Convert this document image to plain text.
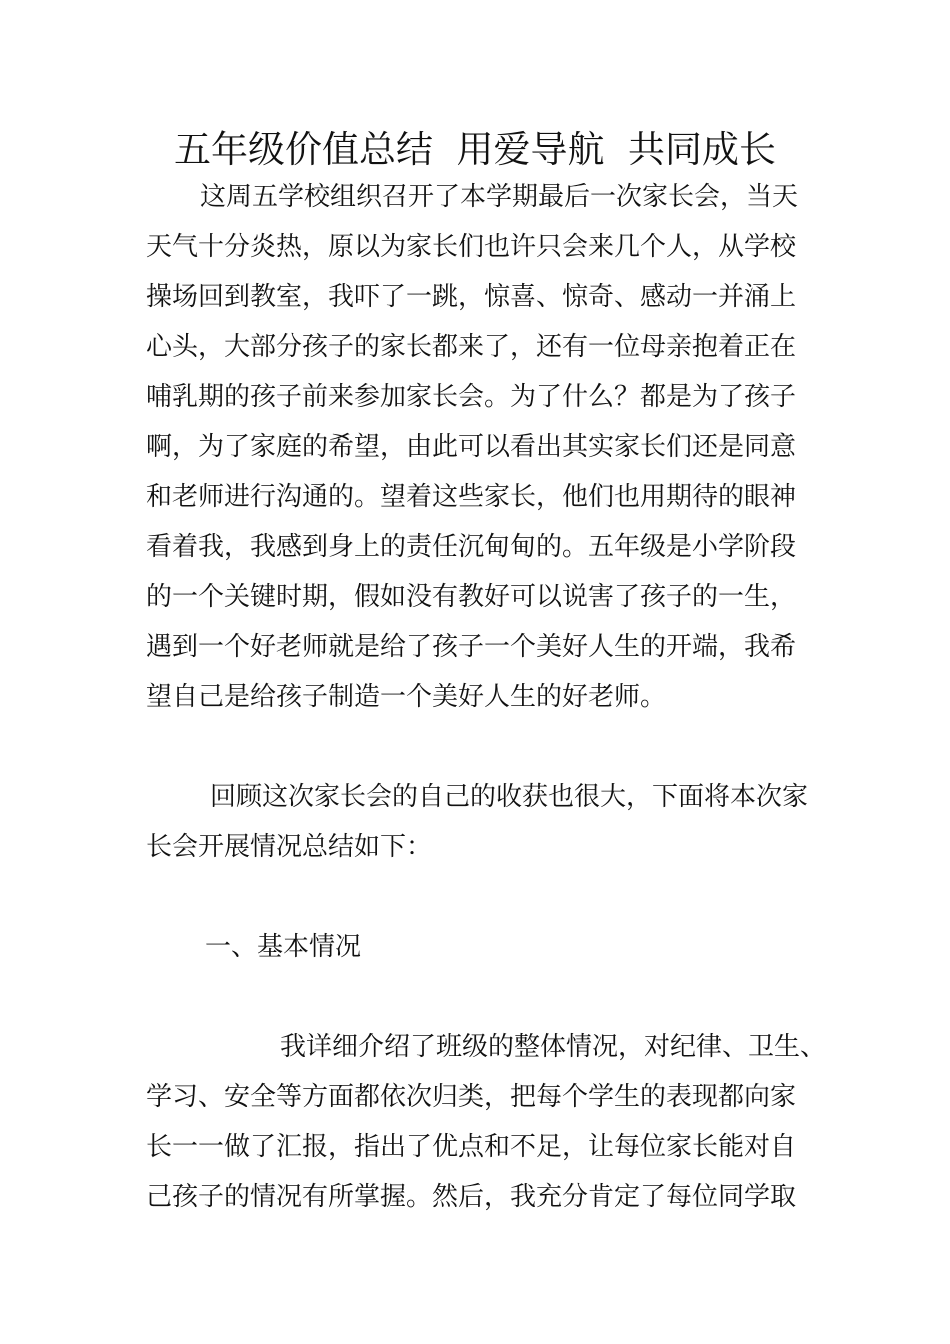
五年级价值总结  用爱导航  共同成长

这周五学校组织召开了本学期最后一次家长会，当天

天气十分炎热，原以为家长们也许只会来几个人，从学校

操场回到教室，我吓了一跳，惊喜、惊奇、感动一并涌上

心头，大部分孩子的家长都来了，还有一位母亲抱着正在

哺乳期的孩子前来参加家长会。为了什么？都是为了孩子

啊，为了家庭的希望，由此可以看出其实家长们还是同意

和老师进行沟通的。望着这些家长，他们也用期待的眼神

看着我，我感到身上的责任沉甸甸的。五年级是小学阶段

的一个关键时期，假如没有教好可以说害了孩子的一生，

遇到一个好老师就是给了孩子一个美好人生的开端，我希

望自己是给孩子制造一个美好人生的好老师。

回顾这次家长会的自己的收获也很大，下面将本次家

长会开展情况总结如下：

一、基本情况

我详细介绍了班级的整体情况，对纪律、卫生、

学习、安全等方面都依次归类，把每个学生的表现都向家

长一一做了汇报，指出了优点和不足，让每位家长能对自

己孩子的情况有所掌握。然后，我充分肯定了每位同学取
